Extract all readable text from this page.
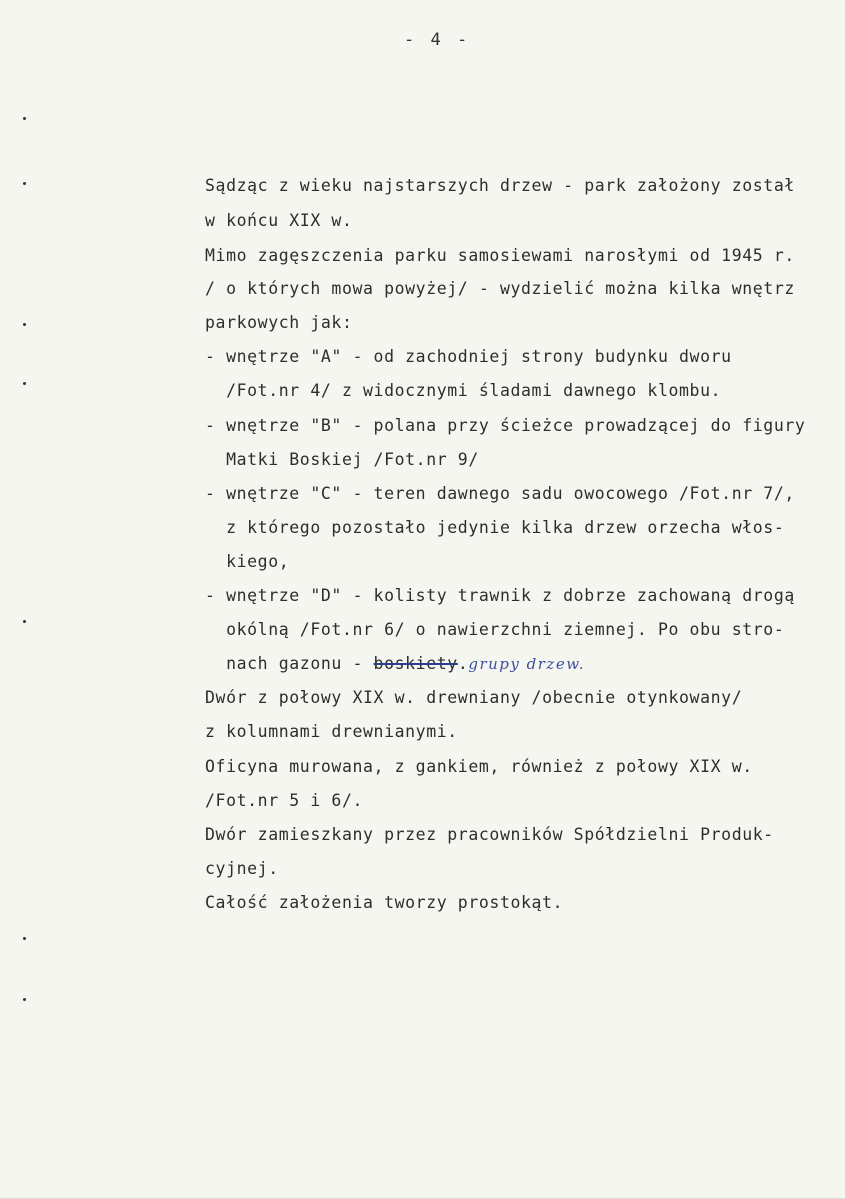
- 4 -

Sądząc z wieku najstarszych drzew - park założony został

w końcu XIX w.

Mimo zagęszczenia parku samosiewami narosłymi od 1945 r.

/ o których mowa powyżej/ - wydzielić można kilka wnętrz

parkowych jak:

- wnętrze "A" - od zachodniej strony budynku dworu

/Fot.nr 4/ z widocznymi śladami dawnego klombu.

- wnętrze "B" - polana przy ścieżce prowadzącej do figury

Matki Boskiej /Fot.nr 9/

- wnętrze "C" - teren dawnego sadu owocowego /Fot.nr 7/,

z którego pozostało jedynie kilka drzew orzecha włos-

kiego,

- wnętrze "D" - kolisty trawnik z dobrze zachowaną drogą

okólną /Fot.nr 6/ o nawierzchni ziemnej. Po obu stro-

nach gazonu - boskiety.grupy drzew.

Dwór z połowy XIX w. drewniany /obecnie otynkowany/

z kolumnami drewnianymi.

Oficyna murowana, z gankiem, również z połowy XIX w.

/Fot.nr 5 i 6/.

Dwór zamieszkany przez pracowników Spółdzielni Produk-

cyjnej.

Całość założenia tworzy prostokąt.
